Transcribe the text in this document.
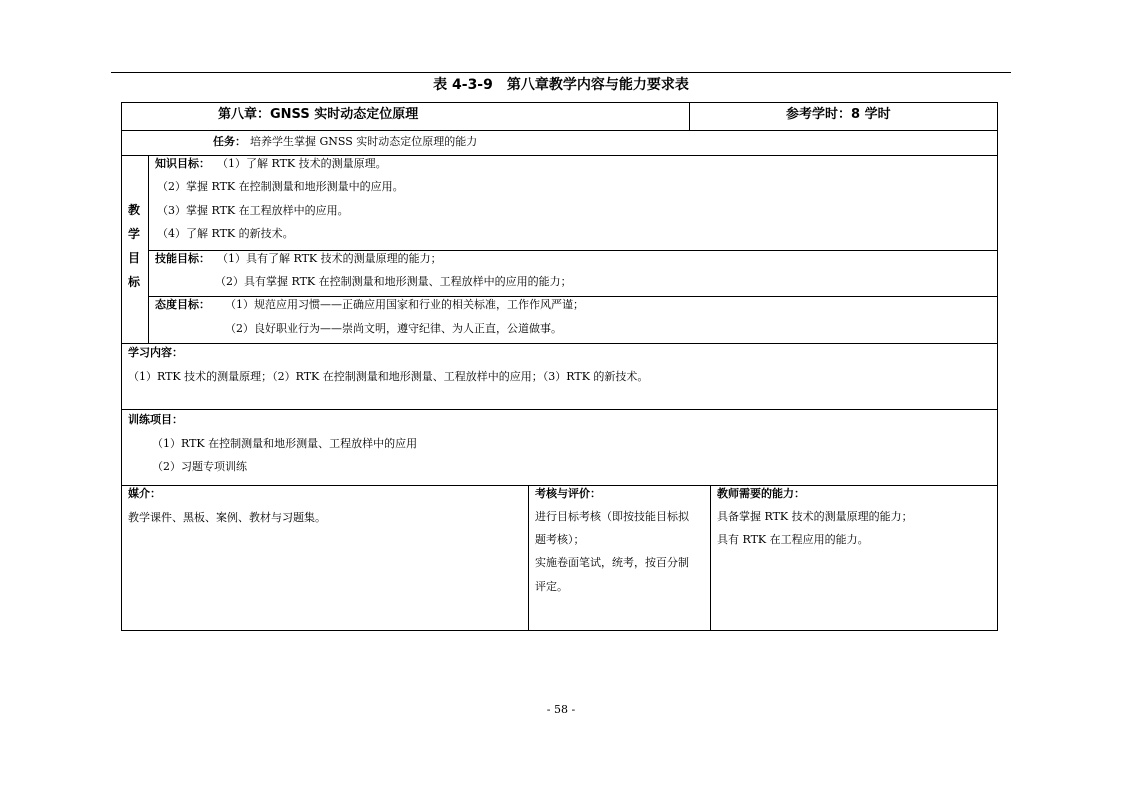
表 4-3-9　第八章教学内容与能力要求表
第八章：GNSS 实时动态定位原理	参考学时：8 学时
任务： 培养学生掌握 GNSS 实时动态定位原理的能力
教
学
目
标
知识目标： （1）了解 RTK 技术的测量原理。
（2）掌握 RTK 在控制测量和地形测量中的应用。
（3）掌握 RTK 在工程放样中的应用。
（4）了解 RTK 的新技术。
技能目标： （1）具有了解 RTK 技术的测量原理的能力；
（2）具有掌握 RTK 在控制测量和地形测量、工程放样中的应用的能力；
态度目标： （1）规范应用习惯——正确应用国家和行业的相关标准，工作作风严谨；
（2）良好职业行为——崇尚文明，遵守纪律、为人正直，公道做事。
学习内容：
（1）RTK 技术的测量原理；（2）RTK 在控制测量和地形测量、工程放样中的应用；（3）RTK 的新技术。
训练项目：
（1）RTK 在控制测量和地形测量、工程放样中的应用
（2）习题专项训练
媒介：
教学课件、黑板、案例、教材与习题集。
考核与评价：
进行目标考核（即按技能目标拟
题考核）；
实施卷面笔试，统考，按百分制
评定。
教师需要的能力：
具备掌握 RTK 技术的测量原理的能力；
具有 RTK 在工程应用的能力。
- 58 -
